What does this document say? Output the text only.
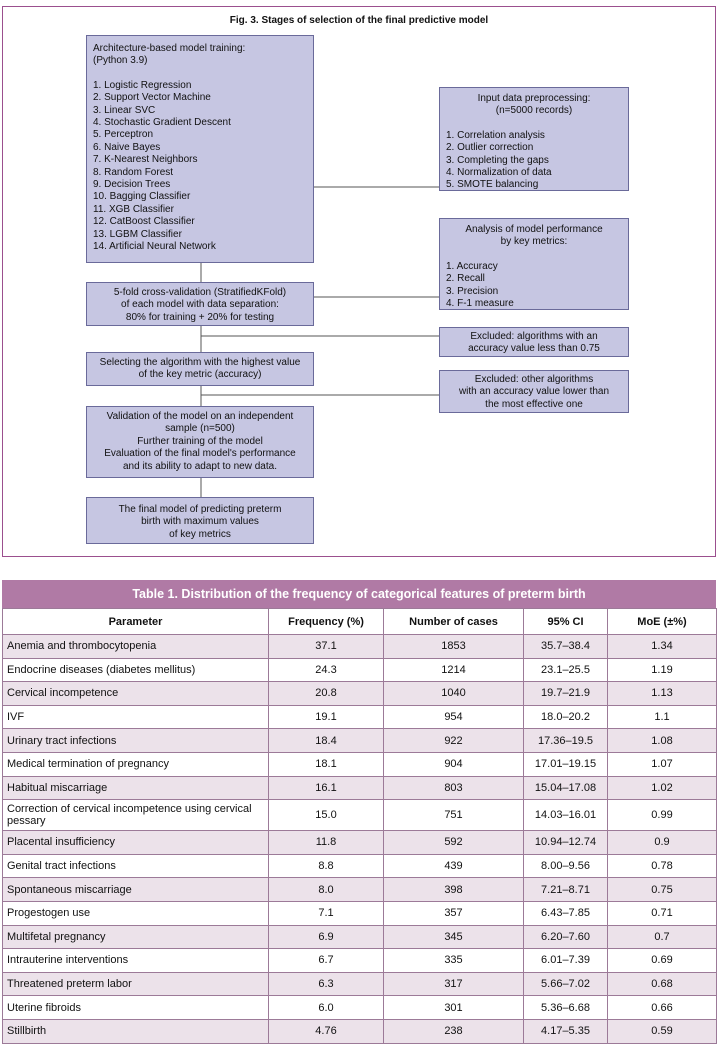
Fig. 3. Stages of selection of the final predictive model
Architecture-based model training:
(Python 3.9)
1. Logistic Regression
2. Support Vector Machine
3. Linear SVC
4. Stochastic Gradient Descent
5. Perceptron
6. Naive Bayes
7. K-Nearest Neighbors
8. Random Forest
9. Decision Trees
10. Bagging Classifier
11. XGB Classifier
12. CatBoost Classifier
13. LGBM Classifier
14. Artificial Neural Network
Input data preprocessing:
(n=5000 records)
1. Correlation analysis
2. Outlier correction
3. Completing the gaps
4. Normalization of data
5. SMOTE balancing
Analysis of model performance
by key metrics:
1. Accuracy
2. Recall
3. Precision
4. F-1 measure
5-fold cross-validation (StratifiedKFold)
of each model with data separation:
80% for training + 20% for testing
Excluded: algorithms with an
accuracy value less than 0.75
Selecting the algorithm with the highest value
of the key metric (accuracy)	Excluded: other algorithms
with an accuracy value lower than
the most effective one
Validation of the model on an independent
sample (n=500)
Further training of the model
Evaluation of the final model's performance
and its ability to adapt to new data.
The final model of predicting preterm
birth with maximum values
of key metrics
Table 1. Distribution of the frequency of categorical features of preterm birth
Parameter	Frequency (%)	Number of cases	95% CI	MoE (±%)
Anemia and thrombocytopenia	37.1	1853	35.7–38.4	1.34
Endocrine diseases (diabetes mellitus)	24.3	1214	23.1–25.5	1.19
Cervical incompetence	20.8	1040	19.7–21.9	1.13
IVF	19.1	954	18.0–20.2	1.1
Urinary tract infections	18.4	922	17.36–19.5	1.08
Medical termination of pregnancy	18.1	904	17.01–19.15	1.07
Habitual miscarriage	16.1	803	15.04–17.08	1.02
Correction of cervical incompetence using cervical pessary	15.0	751	14.03–16.01	0.99
Placental insufficiency	11.8	592	10.94–12.74	0.9
Genital tract infections	8.8	439	8.00–9.56	0.78
Spontaneous miscarriage	8.0	398	7.21–8.71	0.75
Progestogen use	7.1	357	6.43–7.85	0.71
Multifetal pregnancy	6.9	345	6.20–7.60	0.7
Intrauterine interventions	6.7	335	6.01–7.39	0.69
Threatened preterm labor	6.3	317	5.66–7.02	0.68
Uterine fibroids	6.0	301	5.36–6.68	0.66
Stillbirth	4.76	238	4.17–5.35	0.59
